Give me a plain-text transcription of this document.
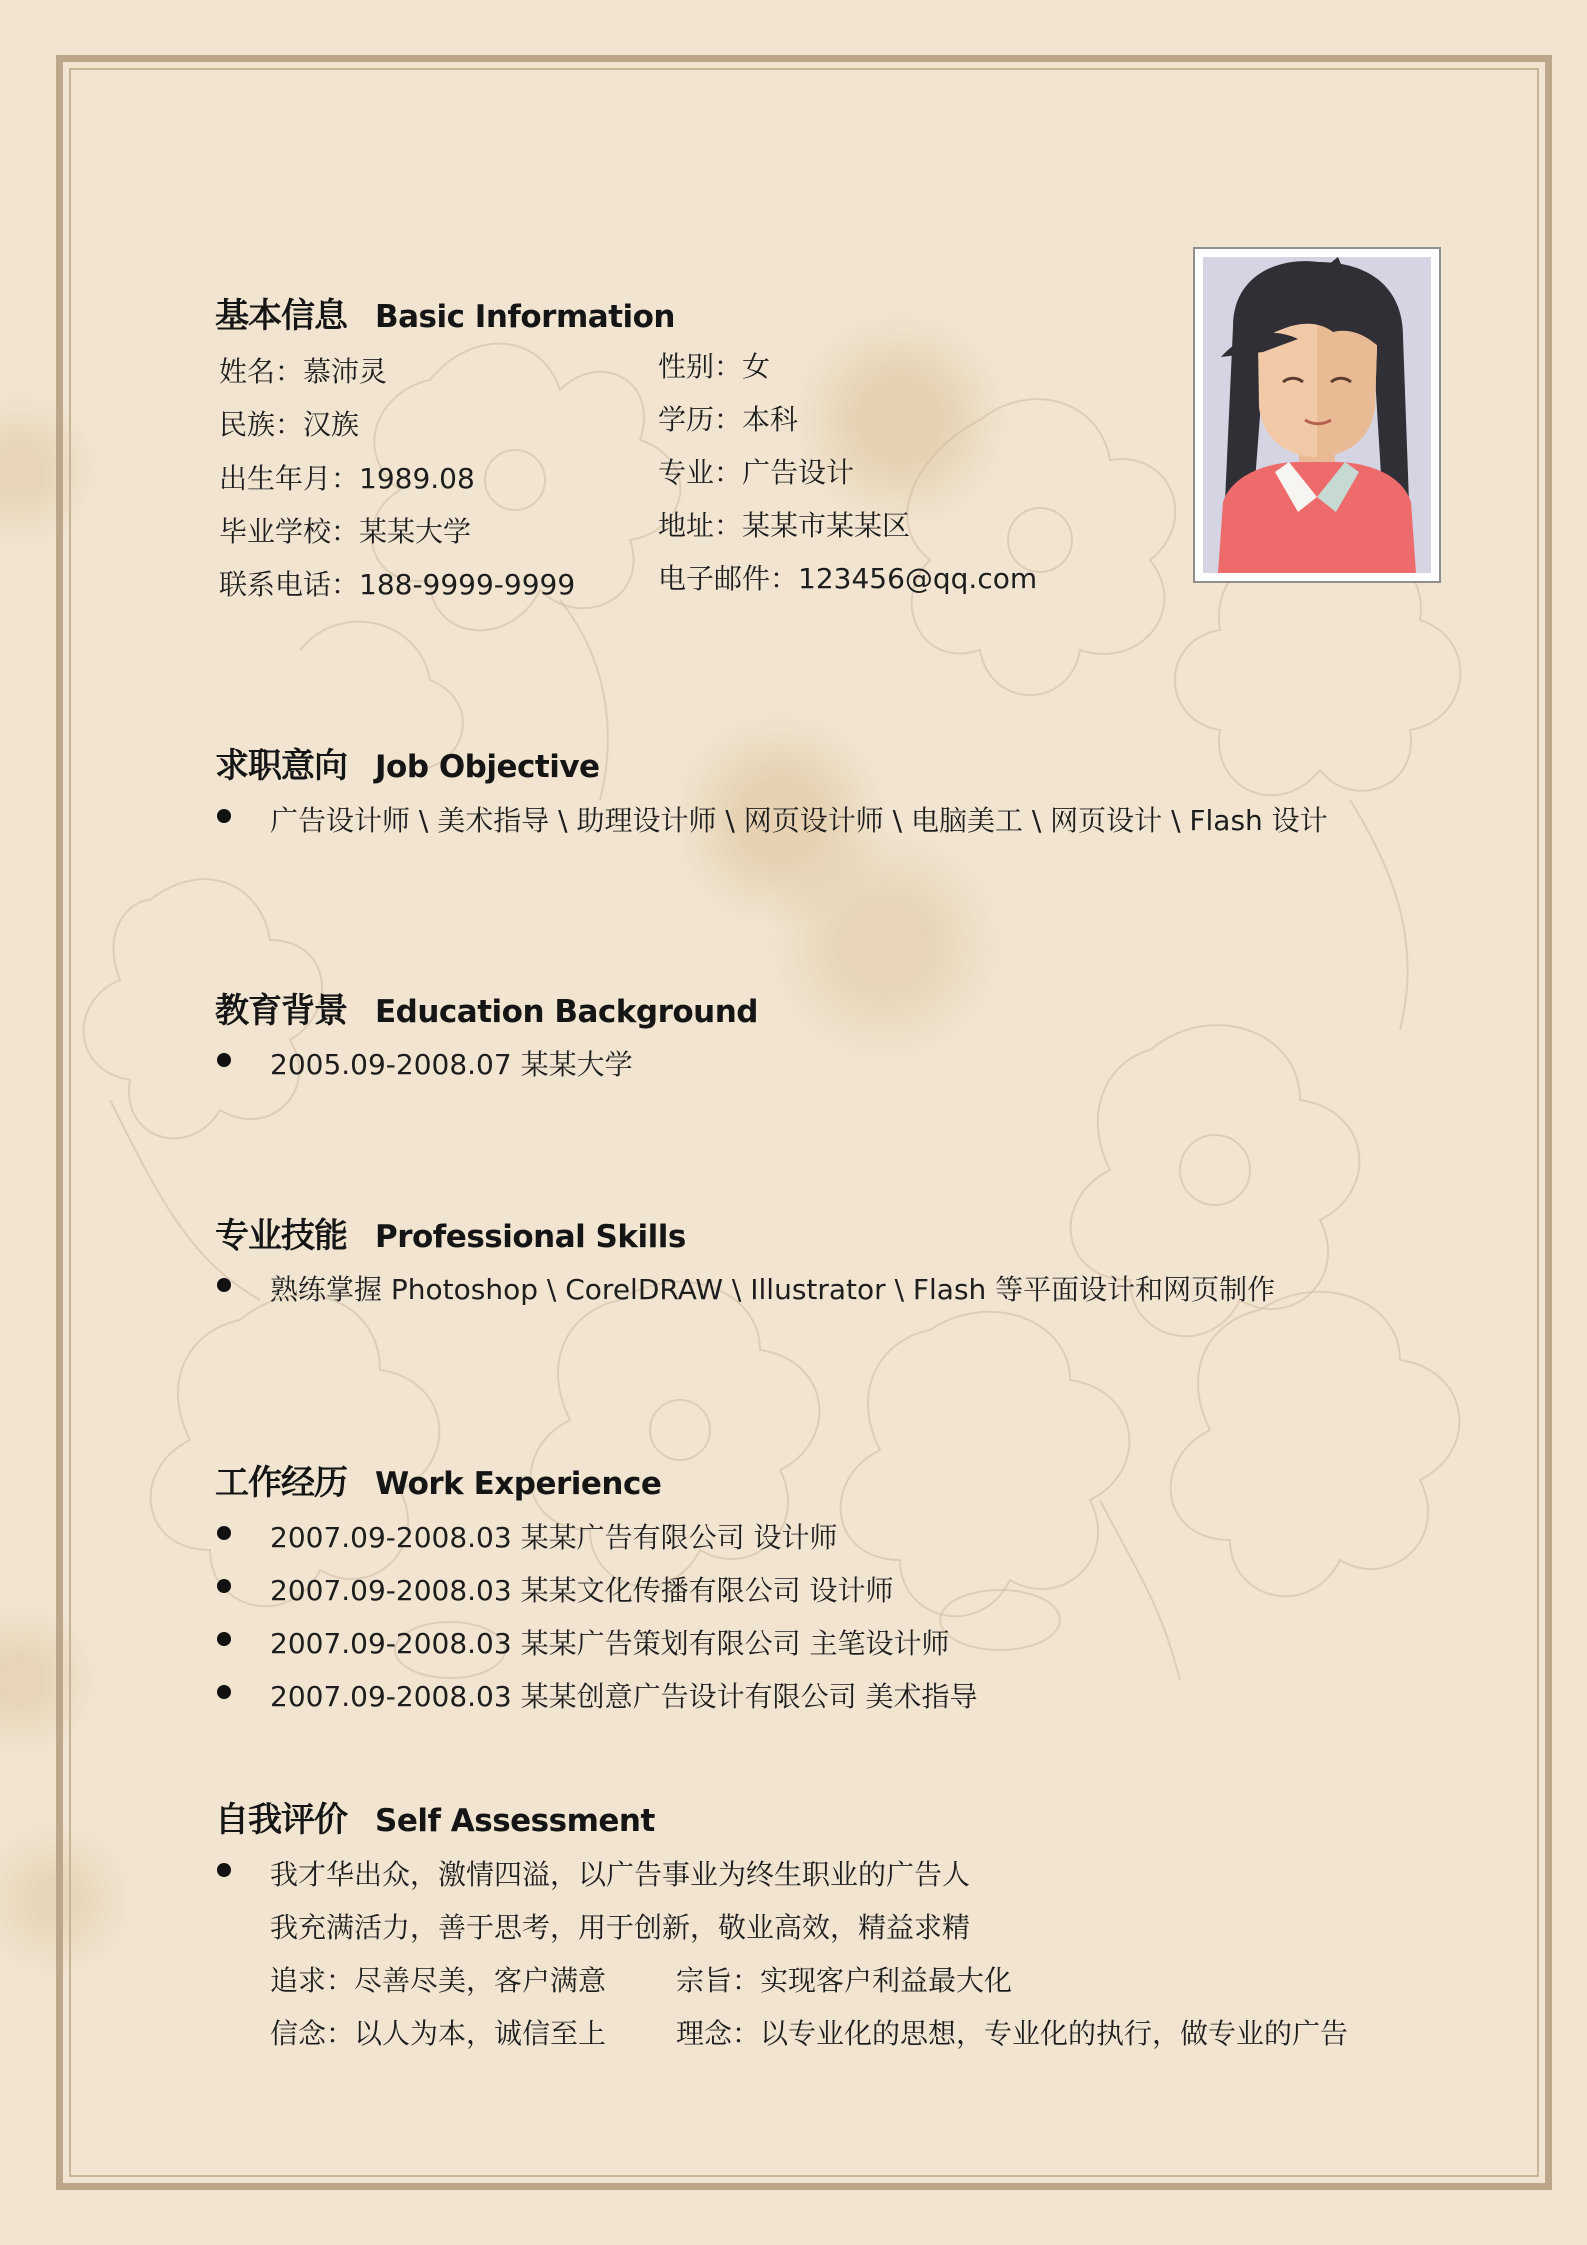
基本信息 Basic Information
姓名：慕沛灵
民族：汉族
出生年月：1989.08
毕业学校：某某大学
联系电话：188-9999-9999
性别：女
学历：本科
专业：广告设计
地址：某某市某某区
电子邮件：123456@qq.com
求职意向 Job Objective
广告设计师 \ 美术指导 \ 助理设计师 \ 网页设计师 \ 电脑美工 \ 网页设计 \ Flash 设计
教育背景 Education Background
2005.09-2008.07 某某大学
专业技能 Professional Skills
熟练掌握 Photoshop \ CorelDRAW \ Illustrator \ Flash 等平面设计和网页制作
工作经历 Work Experience
2007.09-2008.03 某某广告有限公司 设计师
2007.09-2008.03 某某文化传播有限公司 设计师
2007.09-2008.03 某某广告策划有限公司 主笔设计师
2007.09-2008.03 某某创意广告设计有限公司 美术指导
自我评价 Self Assessment
我才华出众，激情四溢，以广告事业为终生职业的广告人
我充满活力，善于思考，用于创新，敬业高效，精益求精
追求：尽善尽美，客户满意 宗旨：实现客户利益最大化
信念：以人为本，诚信至上 理念：以专业化的思想，专业化的执行，做专业的广告
